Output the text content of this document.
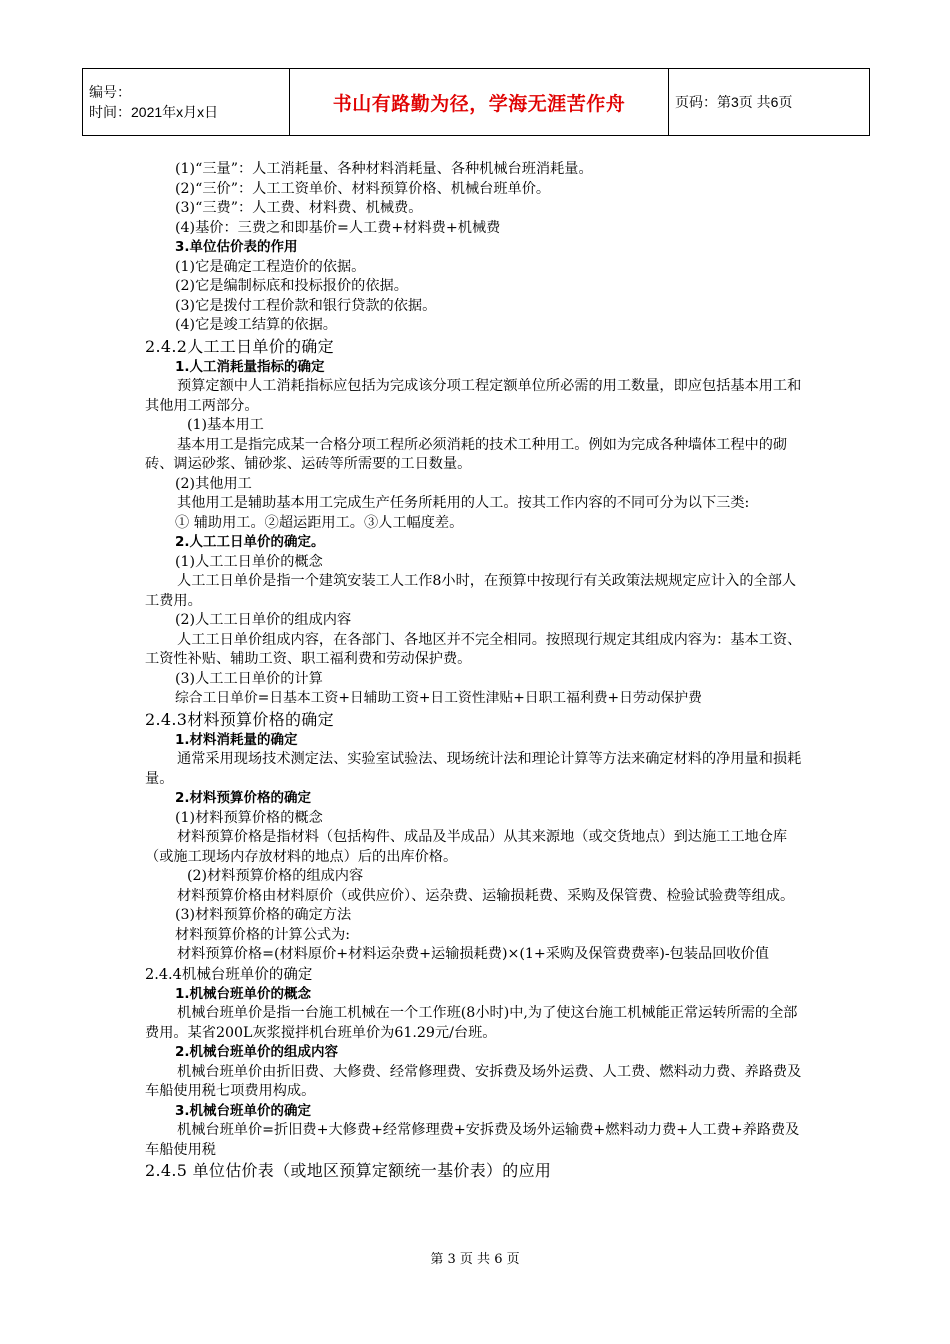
编号：
时间：2021年x月x日	书山有路勤为径，学海无涯苦作舟	页码：第3页 共6页

(1)“三量”：人工消耗量、各种材料消耗量、各种机械台班消耗量。

(2)“三价”：人工工资单价、材料预算价格、机械台班单价。

(3)“三费”：人工费、材料费、机械费。

(4)基价：三费之和即基价=人工费+材料费+机械费

3.单位估价表的作用

(1)它是确定工程造价的依据。

(2)它是编制标底和投标报价的依据。

(3)它是拨付工程价款和银行贷款的依据。

(4)它是竣工结算的依据。

2.4.2人工工日单价的确定

1.人工消耗量指标的确定

预算定额中人工消耗指标应包括为完成该分项工程定额单位所必需的用工数量，即应包括基本用工和其他用工两部分。

(1)基本用工

基本用工是指完成某一合格分项工程所必须消耗的技术工种用工。例如为完成各种墙体工程中的砌砖、调运砂浆、铺砂浆、运砖等所需要的工日数量。

(2)其他用工

其他用工是辅助基本用工完成生产任务所耗用的人工。按其工作内容的不同可分为以下三类:

① 辅助用工。②超运距用工。③人工幅度差。

2.人工工日单价的确定。

(1)人工工日单价的概念

人工工日单价是指一个建筑安装工人工作8小时，在预算中按现行有关政策法规规定应计入的全部人工费用。

(2)人工工日单价的组成内容

人工工日单价组成内容，在各部门、各地区并不完全相同。按照现行规定其组成内容为：基本工资、工资性补贴、辅助工资、职工福利费和劳动保护费。

(3)人工工日单价的计算

综合工日单价=日基本工资+日辅助工资+日工资性津贴+日职工福利费+日劳动保护费

2.4.3材料预算价格的确定

1.材料消耗量的确定

通常采用现场技术测定法、实验室试验法、现场统计法和理论计算等方法来确定材料的净用量和损耗量。

2.材料预算价格的确定

(1)材料预算价格的概念

材料预算价格是指材料（包括构件、成品及半成品）从其来源地（或交货地点）到达施工工地仓库（或施工现场内存放材料的地点）后的出库价格。

(2)材料预算价格的组成内容

材料预算价格由材料原价（或供应价）、运杂费、运输损耗费、采购及保管费、检验试验费等组成。

(3)材料预算价格的确定方法

材料预算价格的计算公式为:

材料预算价格=(材料原价+材料运杂费+运输损耗费)×(1+采购及保管费费率)-包装品回收价值

2.4.4机械台班单价的确定

1.机械台班单价的概念

机械台班单价是指一台施工机械在一个工作班(8小时)中,为了使这台施工机械能正常运转所需的全部费用。某省200L灰浆搅拌机台班单价为61.29元/台班。

2.机械台班单价的组成内容

机械台班单价由折旧费、大修费、经常修理费、安拆费及场外运费、人工费、燃料动力费、养路费及车船使用税七项费用构成。

3.机械台班单价的确定

机械台班单价=折旧费+大修费+经常修理费+安拆费及场外运输费+燃料动力费+人工费+养路费及车船使用税

2.4.5 单位估价表（或地区预算定额统一基价表）的应用

第 3 页 共 6 页
